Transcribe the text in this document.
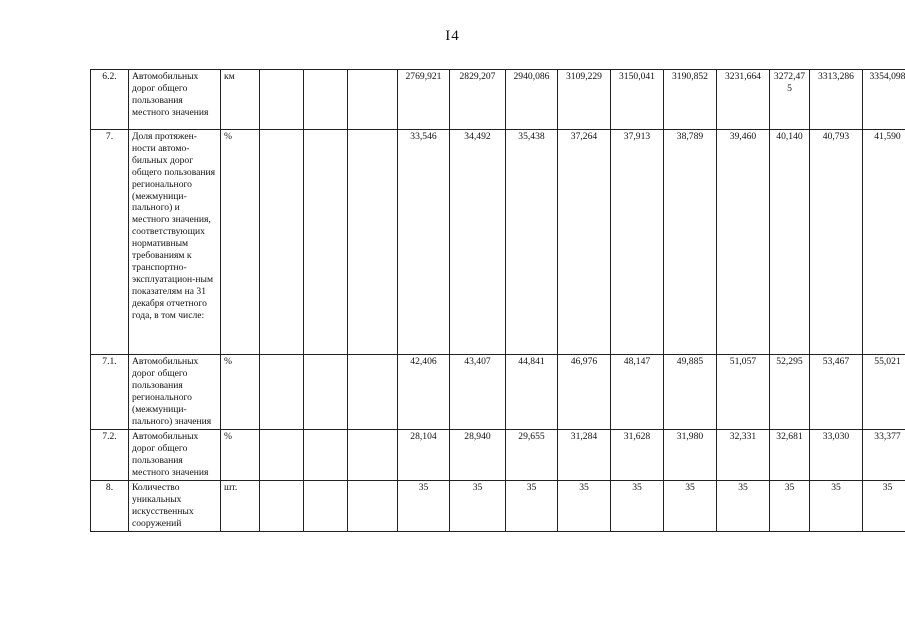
I4
6.2.	Автомобильных дорог общего пользования местного значения	км				2769,921	2829,207	2940,086	3109,229	3150,041	3190,852	3231,664	3272,475	3313,286	3354,098
7.	Доля протяжен-ности автомо-бильных дорог общего пользования регионального (межмуници-пального) и местного значения, соответствующих нормативным требованиям к транспортно-эксплуатацион-ным показателям на 31 декабря отчетного года, в том числе:	%				33,546	34,492	35,438	37,264	37,913	38,789	39,460	40,140	40,793	41,590
7.1.	Автомобильных дорог общего пользования регионального (межмуници-пального) значения	%				42,406	43,407	44,841	46,976	48,147	49,885	51,057	52,295	53,467	55,021
7.2.	Автомобильных дорог общего пользования местного значения	%				28,104	28,940	29,655	31,284	31,628	31,980	32,331	32,681	33,030	33,377
8.	Количество уникальных искусственных сооружений	шт.				35	35	35	35	35	35	35	35	35	35
